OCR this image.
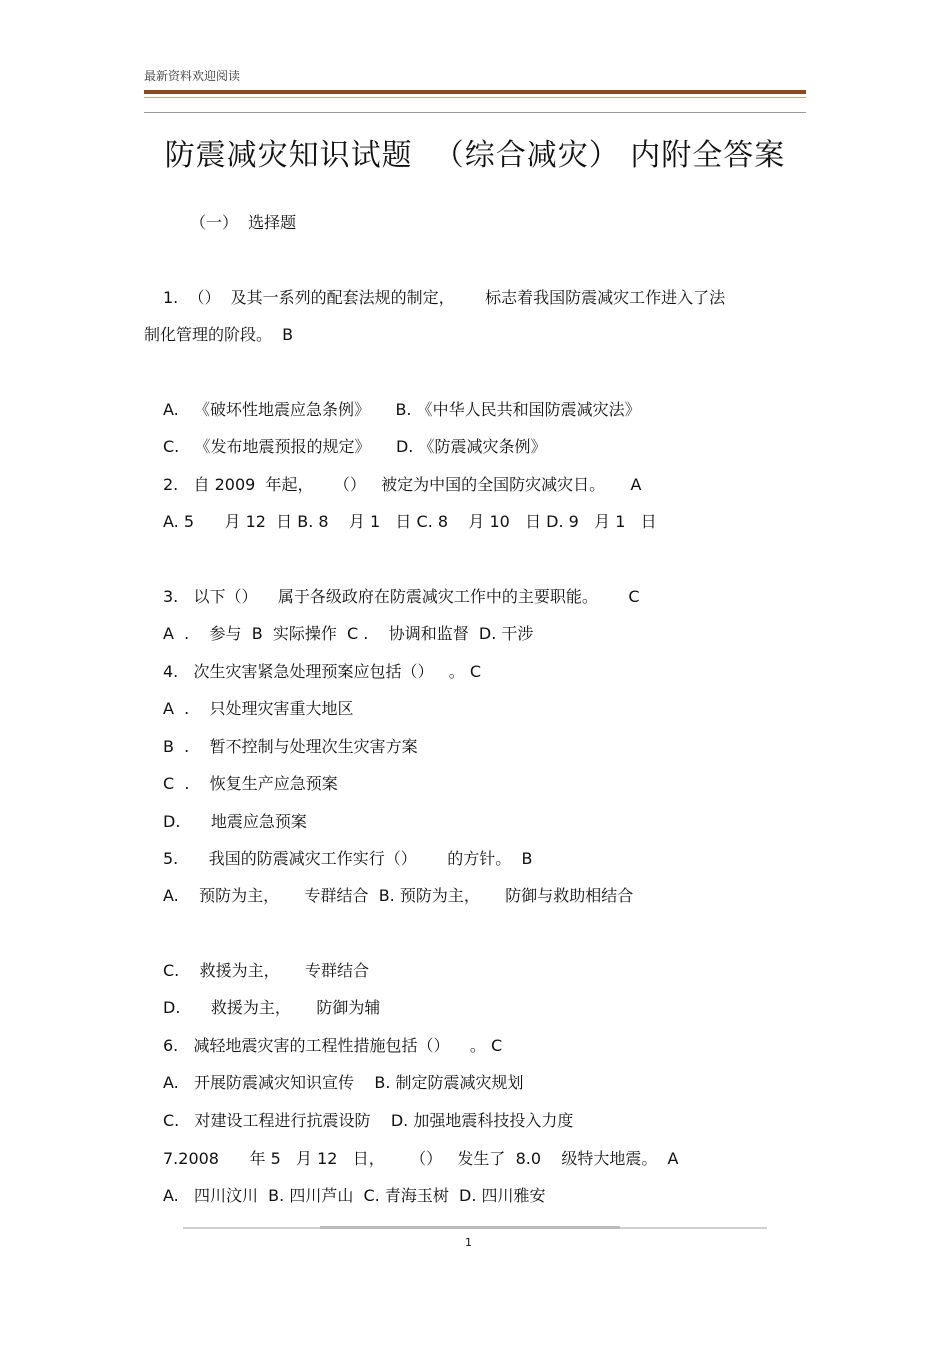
最新资料欢迎阅读
防震减灾知识试题  （综合减灾） 内附全答案
（一）  选择题
1.  （）  及其一系列的配套法规的制定，      标志着我国防震减灾工作进入了法
制化管理的阶段。  B
A.   《破坏性地震应急条例》     B. 《中华人民共和国防震减灾法》
C.   《发布地震预报的规定》     D. 《防震减灾条例》
2.   自 2009  年起，    （）   被定为中国的全国防灾减灾日。     A
A. 5      月 12  日 B. 8    月 1   日 C. 8    月 10   日 D. 9   月 1   日
3.   以下（）    属于各级政府在防震减灾工作中的主要职能。      C
A  .    参与  B  实际操作  C .    协调和监督  D. 干涉
4.   次生灾害紧急处理预案应包括（）   。 C
A  .    只处理灾害重大地区
B  .    暂不控制与处理次生灾害方案
C  .    恢复生产应急预案
D.      地震应急预案
5.      我国的防震减灾工作实行（）      的方针。  B
A.    预防为主，     专群结合  B. 预防为主，     防御与救助相结合
C.    救援为主，     专群结合
D.      救援为主，     防御为辅
6.   减轻地震灾害的工程性措施包括（）    。 C
A.   开展防震减灾知识宣传    B. 制定防震减灾规划
C.   对建设工程进行抗震设防    D. 加强地震科技投入力度
7.2008      年 5   月 12   日，     （）   发生了  8.0    级特大地震。  A
A.   四川汶川  B. 四川芦山  C. 青海玉树  D. 四川雅安
1
